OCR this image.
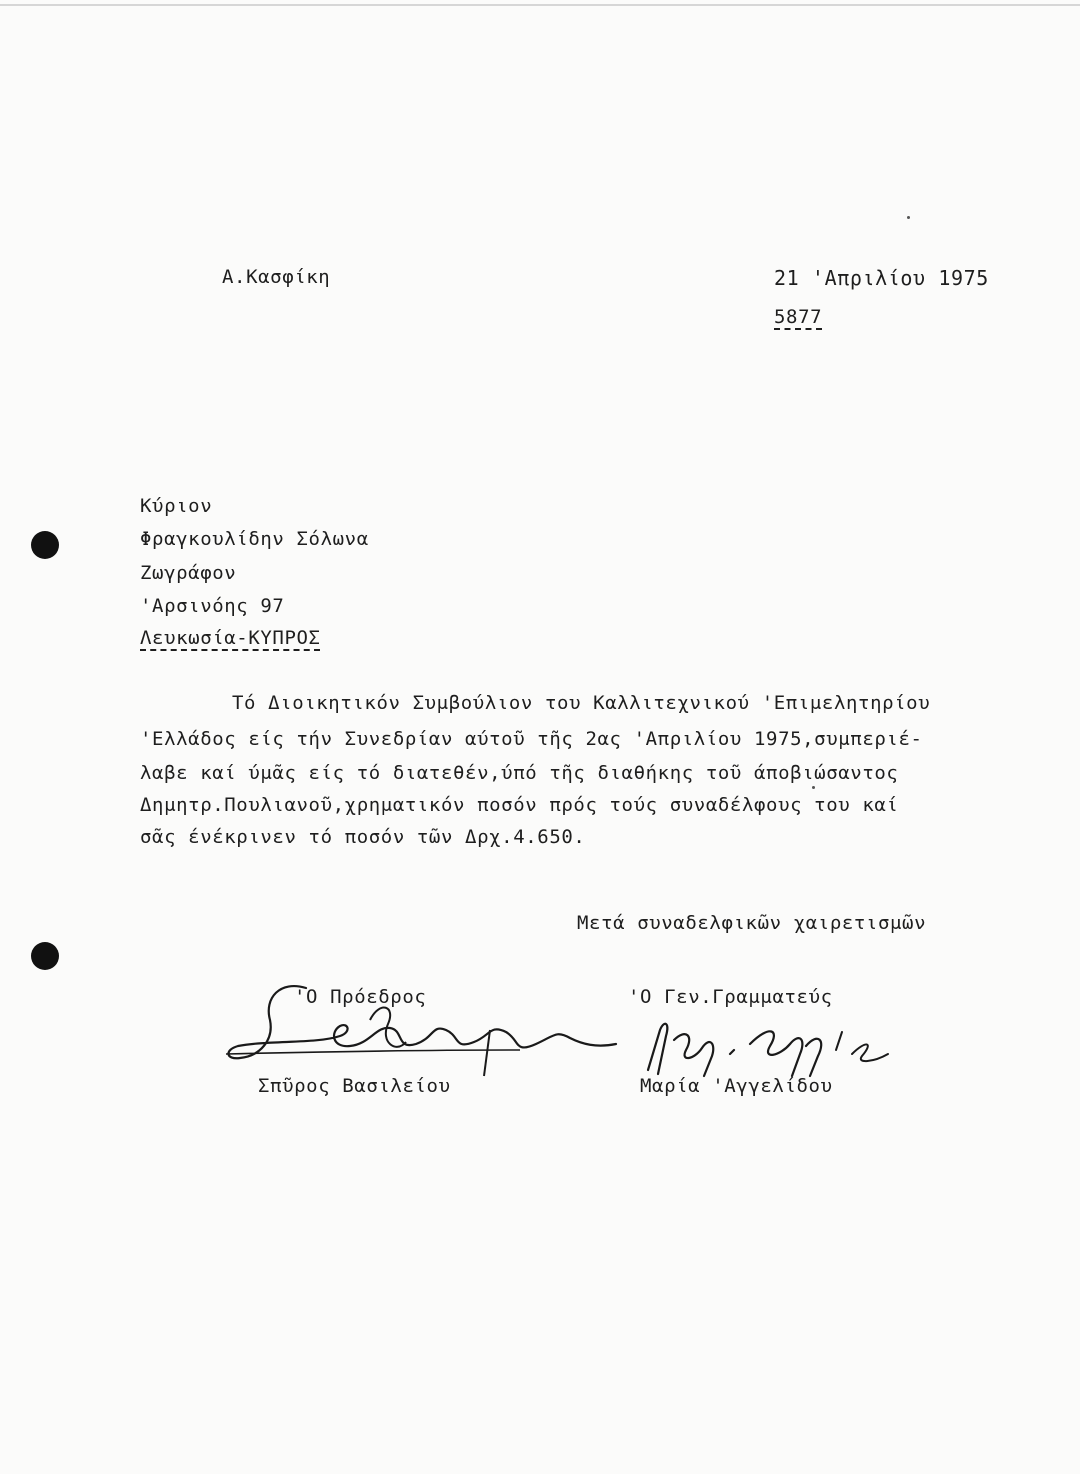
Α.Κασφίκη	21 'Απριλίου 1975
5877
Κύριον
Φραγκουλίδην Σόλωνα
Ζωγράφον
'Αρσινόης 97
Λευκωσία-ΚΥΠΡΟΣ
Τό Διοικητικόν Συμβούλιον του Καλλιτεχνικού 'Επιμελητηρίου
'Ελλάδος είς τήν Συνεδρίαν αύτοῦ τῆς 2ας 'Απριλίου 1975,συμπεριέ-
λαβε καί ύμᾶς είς τό διατεθέν,ύπό τῆς διαθήκης τοῦ άποβιώσαντος
Δημητρ.Πουλιανοῦ,χρηματικόν ποσόν πρός τούς συναδέλφους του καί
σᾶς ένέκρινεν τό ποσόν τῶν Δρχ.4.650.
Μετά συναδελφικῶν χαιρετισμῶν
'Ο Πρόεδρος	'Ο Γεν.Γραμματεύς
Σπῦρος Βασιλείου	Μαρία 'Αγγελίδου
